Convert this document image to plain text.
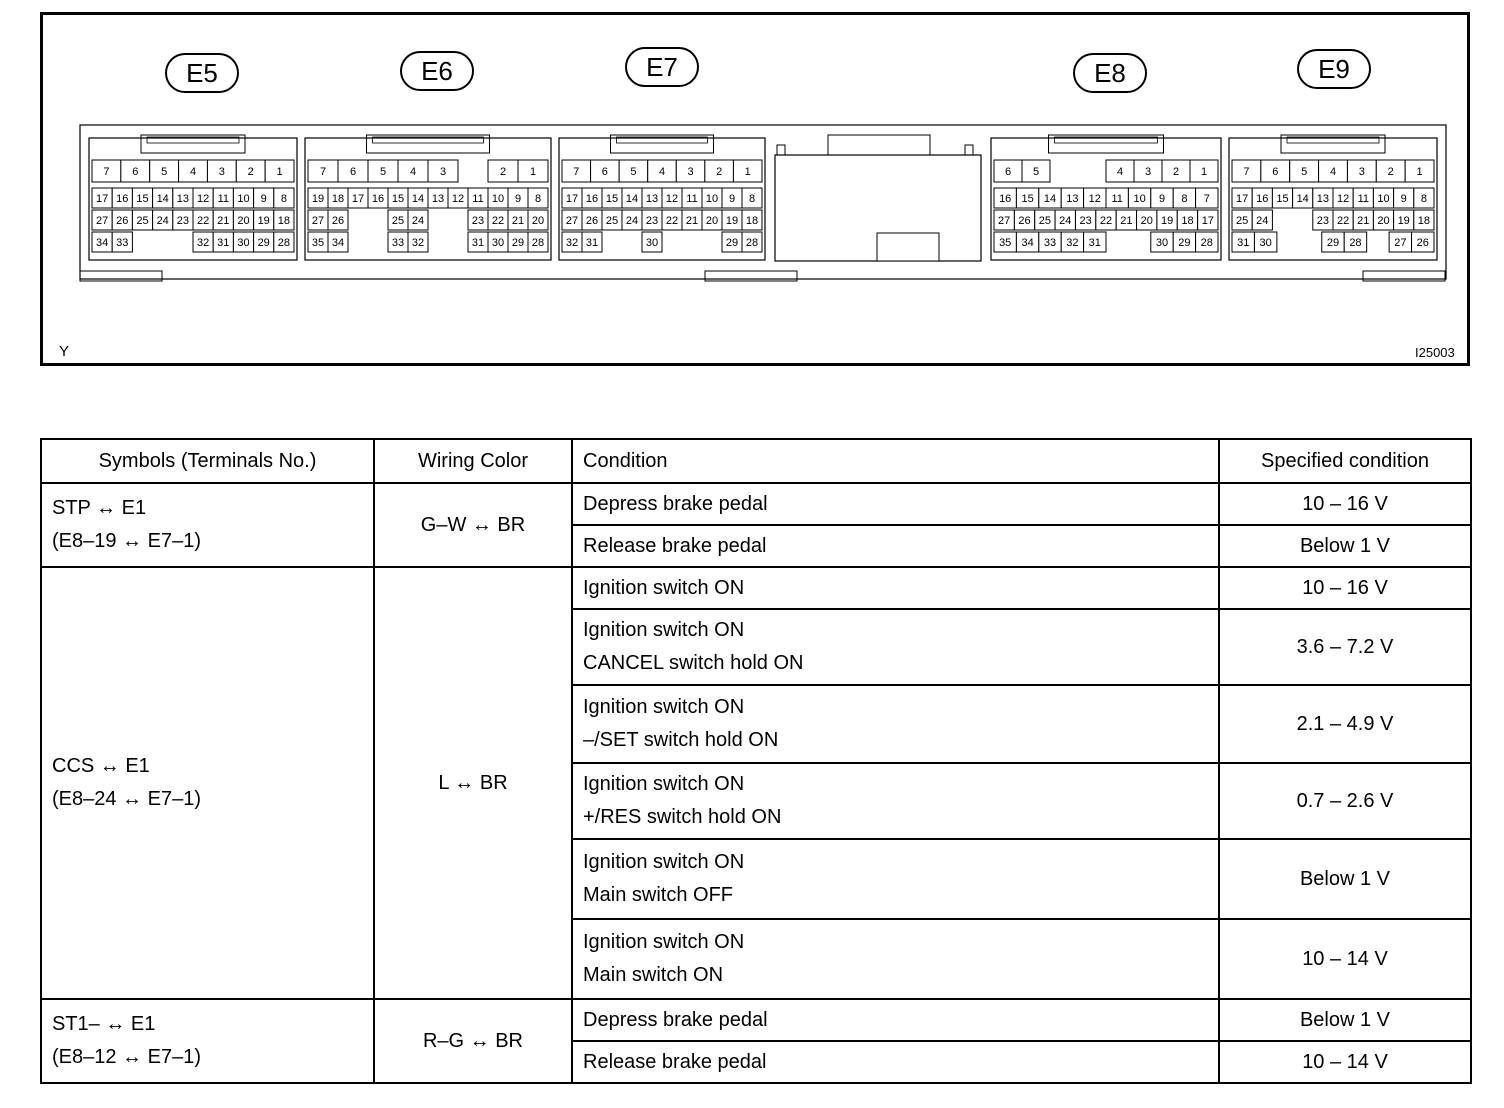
7 6 5 4 3 2 1
17 16 15 14 13 12 11 10 9 8
27 26 25 24 23 22 21 20 19 18
34 33	32 31 30 29 28
7 6 5 4 3	2 1
19 18 17 16 15 14 13 12 11 10 9 8
27 26	25 24	23 22 21 20
35 34	33 32	31 30 29 28
7 6 5 4 3 2 1
17 16 15 14 13 12 11 10 9 8
27 26 25 24 23 22 21 20 19 18
32 31	30	29 28
6 5	4 3 2 1
16 15 14 13 12 11 10 9 8 7
27 26 25 24 23 22 21 20 19 18 17
35 34 33 32 31	30 29 28
7 6 5 4 3 2 1
17 16 15 14 13 12 11 10 9 8
25 24	23 22 21 20 19 18
31 30	29 28	27 26
E5	E6	E7	E8	E9
Y	I25003
Symbols (Terminals No.)	Wiring Color	Condition	Specified condition

STP ↔ E1
(E8–19 ↔ E7–1)	G–W ↔ BR	Depress brake pedal	10 – 16 V

		Release brake pedal	Below 1 V

CCS ↔ E1
(E8–24 ↔ E7–1)	L ↔ BR	Ignition switch ON	10 – 16 V

		Ignition switch ON
CANCEL switch hold ON	3.6 – 7.2 V

		Ignition switch ON
–/SET switch hold ON	2.1 – 4.9 V

		Ignition switch ON
+/RES switch hold ON	0.7 – 2.6 V

		Ignition switch ON
Main switch OFF	Below 1 V

		Ignition switch ON
Main switch ON	10 – 14 V

ST1– ↔ E1
(E8–12 ↔ E7–1)	R–G ↔ BR	Depress brake pedal	Below 1 V

		Release brake pedal	10 – 14 V
